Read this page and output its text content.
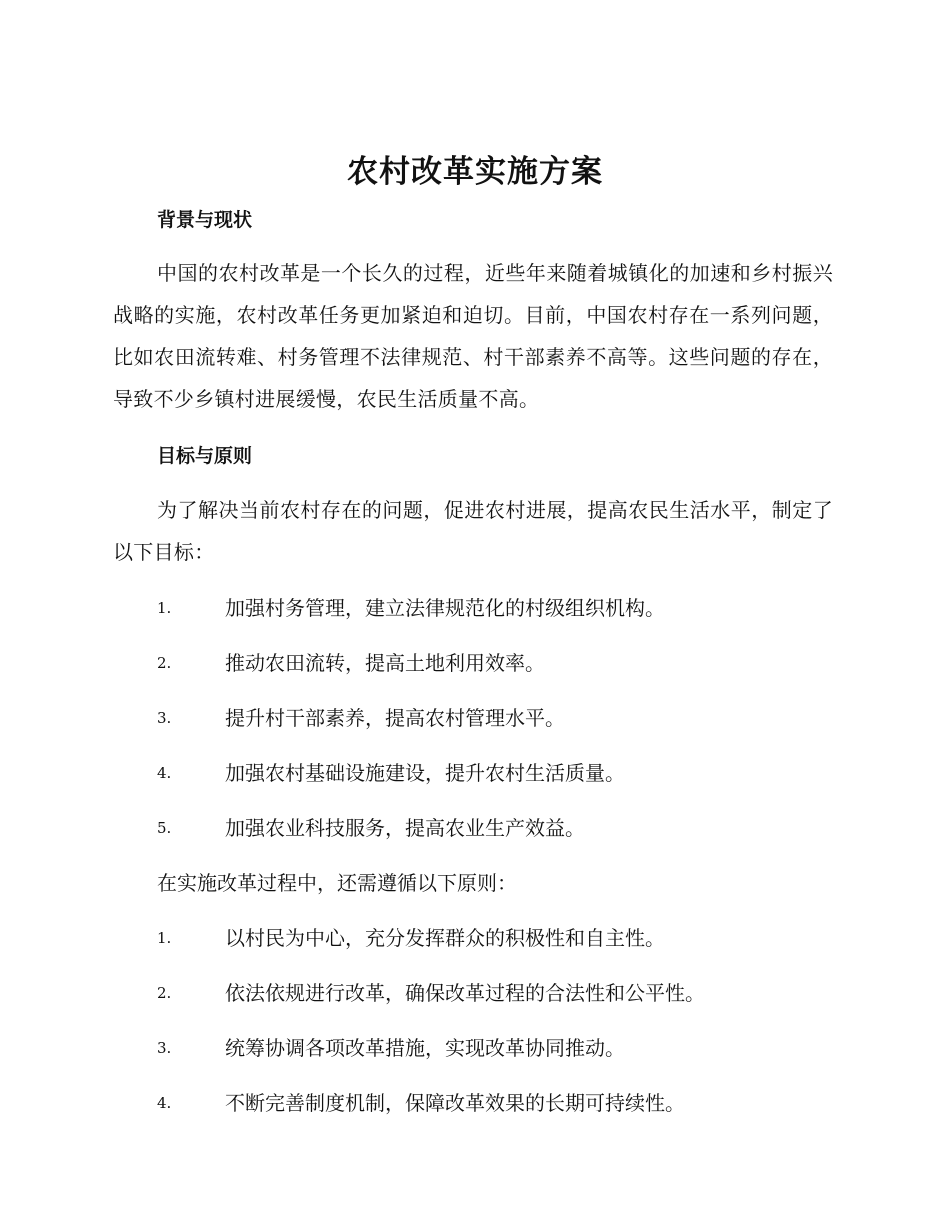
农村改革实施方案
背景与现状

中国的农村改革是一个长久的过程，近些年来随着城镇化的加速和乡村振兴战略的实施，农村改革任务更加紧迫和迫切。目前，中国农村存在一系列问题，比如农田流转难、村务管理不法律规范、村干部素养不高等。这些问题的存在，导致不少乡镇村进展缓慢，农民生活质量不高。

目标与原则

为了解决当前农村存在的问题，促进农村进展，提高农民生活水平，制定了以下目标：

1.	加强村务管理，建立法律规范化的村级组织机构。
2.	推动农田流转，提高土地利用效率。
3.	提升村干部素养，提高农村管理水平。
4.	加强农村基础设施建设，提升农村生活质量。
5.	加强农业科技服务，提高农业生产效益。

在实施改革过程中，还需遵循以下原则：

1.	以村民为中心，充分发挥群众的积极性和自主性。
2.	依法依规进行改革，确保改革过程的合法性和公平性。
3.	统筹协调各项改革措施，实现改革协同推动。
4.	不断完善制度机制，保障改革效果的长期可持续性。
